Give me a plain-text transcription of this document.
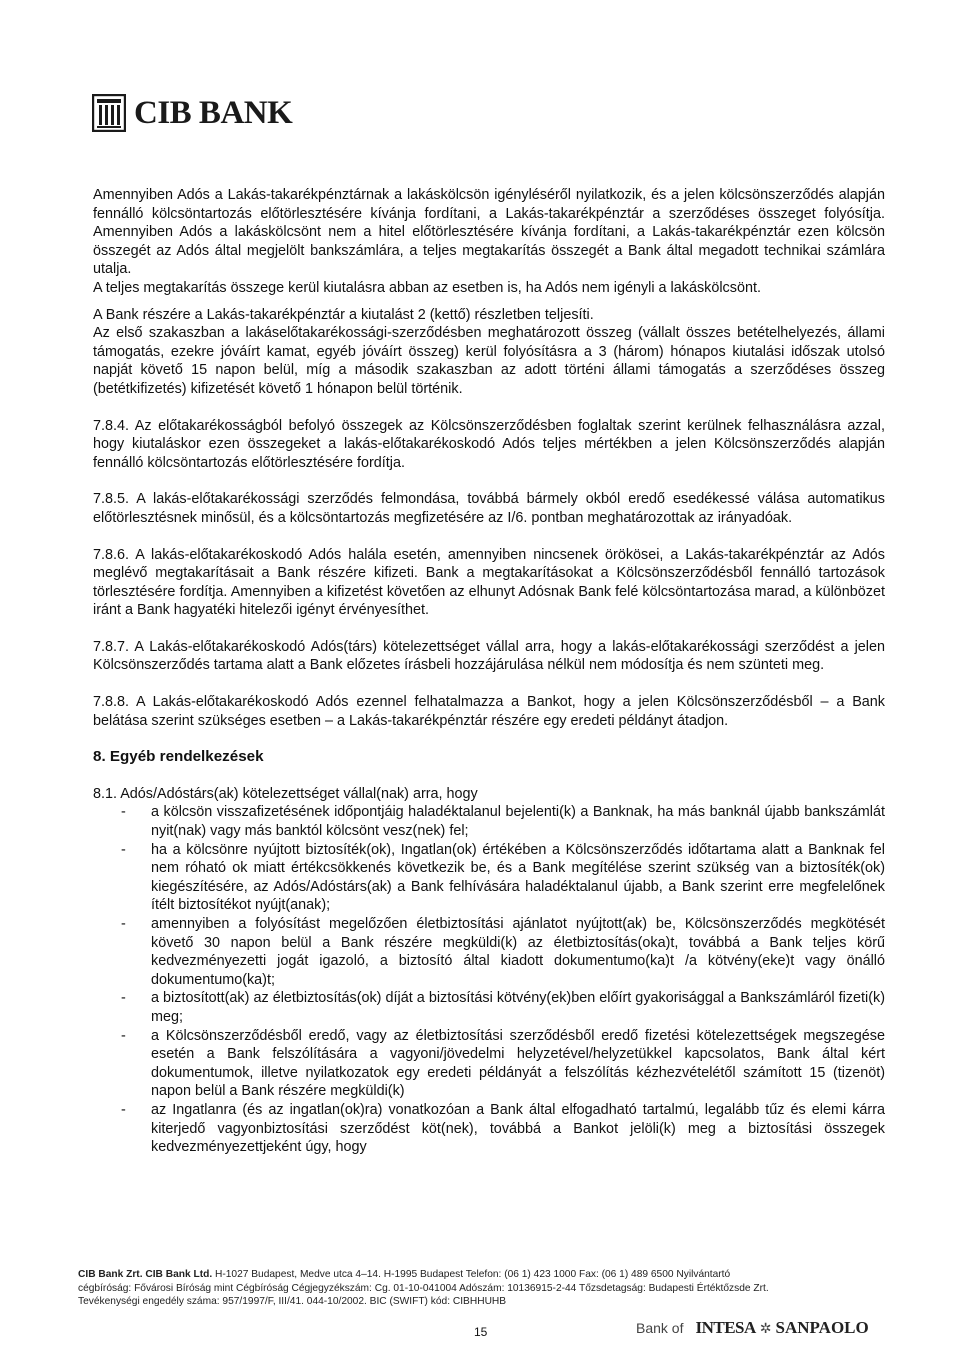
CIB BANK

Amennyiben Adós a Lakás-takarékpénztárnak a lakáskölcsön igényléséről nyilatkozik, és a jelen kölcsönszerződés alapján fennálló kölcsöntartozás előtörlesztésére kívánja fordítani, a Lakás-takarékpénztár a szerződéses összeget folyósítja. Amennyiben Adós a lakáskölcsönt nem a hitel előtörlesztésére kívánja fordítani, a Lakás-takarékpénztár ezen kölcsön összegét az Adós által megjelölt bankszámlára, a teljes megtakarítás összegét a Bank által megadott technikai számlára utalja.

A teljes megtakarítás összege kerül kiutalásra abban az esetben is, ha Adós nem igényli a lakáskölcsönt.

A Bank részére a Lakás-takarékpénztár a kiutalást 2 (kettő) részletben teljesíti.

Az első szakaszban a lakáselőtakarékossági-szerződésben meghatározott összeg (vállalt összes betételhelyezés, állami támogatás, ezekre jóváírt kamat, egyéb jóváírt összeg) kerül folyósításra a 3 (három) hónapos kiutalási időszak utolsó napját követő 15 napon belül, míg a második szakaszban az adott történi állami támogatás a szerződéses összeg (betétkifizetés) kifizetését követő 1 hónapon belül történik.

7.8.4. Az előtakarékosságból befolyó összegek az Kölcsönszerződésben foglaltak szerint kerülnek felhasználásra azzal, hogy kiutaláskor ezen összegeket a lakás-előtakarékoskodó Adós teljes mértékben a jelen Kölcsönszerződés alapján fennálló kölcsöntartozás előtörlesztésére fordítja.

7.8.5. A lakás-előtakarékossági szerződés felmondása, továbbá bármely okból eredő esedékessé válása automatikus előtörlesztésnek minősül, és a kölcsöntartozás megfizetésére az I/6. pontban meghatározottak az irányadóak.

7.8.6. A lakás-előtakarékoskodó Adós halála esetén, amennyiben nincsenek örökösei, a Lakás-takarékpénztár az Adós meglévő megtakarításait a Bank részére kifizeti. Bank a megtakarításokat a Kölcsönszerződésből fennálló tartozások törlesztésére fordítja. Amennyiben a kifizetést követően az elhunyt Adósnak Bank felé kölcsöntartozása marad, a különbözet iránt a Bank hagyatéki hitelezői igényt érvényesíthet.

7.8.7. A Lakás-előtakarékoskodó Adós(társ) kötelezettséget vállal arra, hogy a lakás-előtakarékossági szerződést a jelen Kölcsönszerződés tartama alatt a Bank előzetes írásbeli hozzájárulása nélkül nem módosítja és nem szünteti meg.

7.8.8. A Lakás-előtakarékoskodó Adós ezennel felhatalmazza a Bankot, hogy a jelen Kölcsönszerződésből – a Bank belátása szerint szükséges esetben – a Lakás-takarékpénztár részére egy eredeti példányt átadjon.

8. Egyéb rendelkezések

8.1. Adós/Adóstárs(ak) kötelezettséget vállal(nak) arra, hogy

- a kölcsön visszafizetésének időpontjáig haladéktalanul bejelenti(k) a Banknak, ha más banknál újabb bankszámlát nyit(nak) vagy más banktól kölcsönt vesz(nek) fel;
- ha a kölcsönre nyújtott biztosíték(ok), Ingatlan(ok) értékében a Kölcsönszerződés időtartama alatt a Banknak fel nem róható ok miatt értékcsökkenés következik be, és a Bank megítélése szerint szükség van a biztosíték(ok) kiegészítésére, az Adós/Adóstárs(ak) a Bank felhívására haladéktalanul újabb, a Bank szerint erre megfelelőnek ítélt biztosítékot nyújt(anak);
- amennyiben a folyósítást megelőzően életbiztosítási ajánlatot nyújtott(ak) be, Kölcsönszerződés megkötését követő 30 napon belül a Bank részére megküldi(k) az életbiztosítás(oka)t, továbbá a Bank teljes körű kedvezményezetti jogát igazoló, a biztosító által kiadott dokumentumo(ka)t /a kötvény(eke)t vagy önálló dokumentumo(ka)t;
- a biztosított(ak) az életbiztosítás(ok) díját a biztosítási kötvény(ek)ben előírt gyakorisággal a Bankszámláról fizeti(k) meg;
- a Kölcsönszerződésből eredő, vagy az életbiztosítási szerződésből eredő fizetési kötelezettségek megszegése esetén a Bank felszólítására a vagyoni/jövedelmi helyzetével/helyzetükkel kapcsolatos, Bank által kért dokumentumok, illetve nyilatkozatok egy eredeti példányát a felszólítás kézhezvételétől számított 15 (tizenöt) napon belül a Bank részére megküldi(k)
- az Ingatlanra (és az ingatlan(ok)ra) vonatkozóan a Bank által elfogadható tartalmú, legalább tűz és elemi kárra kiterjedő vagyonbiztosítási szerződést köt(nek), továbbá a Bankot jelöli(k) meg a biztosítási összegek kedvezményezettjeként úgy, hogy
CIB Bank Zrt. CIB Bank Ltd. H-1027 Budapest, Medve utca 4–14. H-1995 Budapest Telefon: (06 1) 423 1000 Fax: (06 1) 489 6500 Nyilvántartó
cégbíróság: Fővárosi Bíróság mint Cégbíróság Cégjegyzékszám: Cg. 01-10-041004 Adószám: 10136915-2-44 Tőzsdetagság: Budapesti Értéktőzsde Zrt.
Tevékenységi engedély száma: 957/1997/F, III/41. 044-10/2002. BIC (SWIFT) kód: CIBHHUHB
15	Bank of INTESA ✲ SANPAOLO
